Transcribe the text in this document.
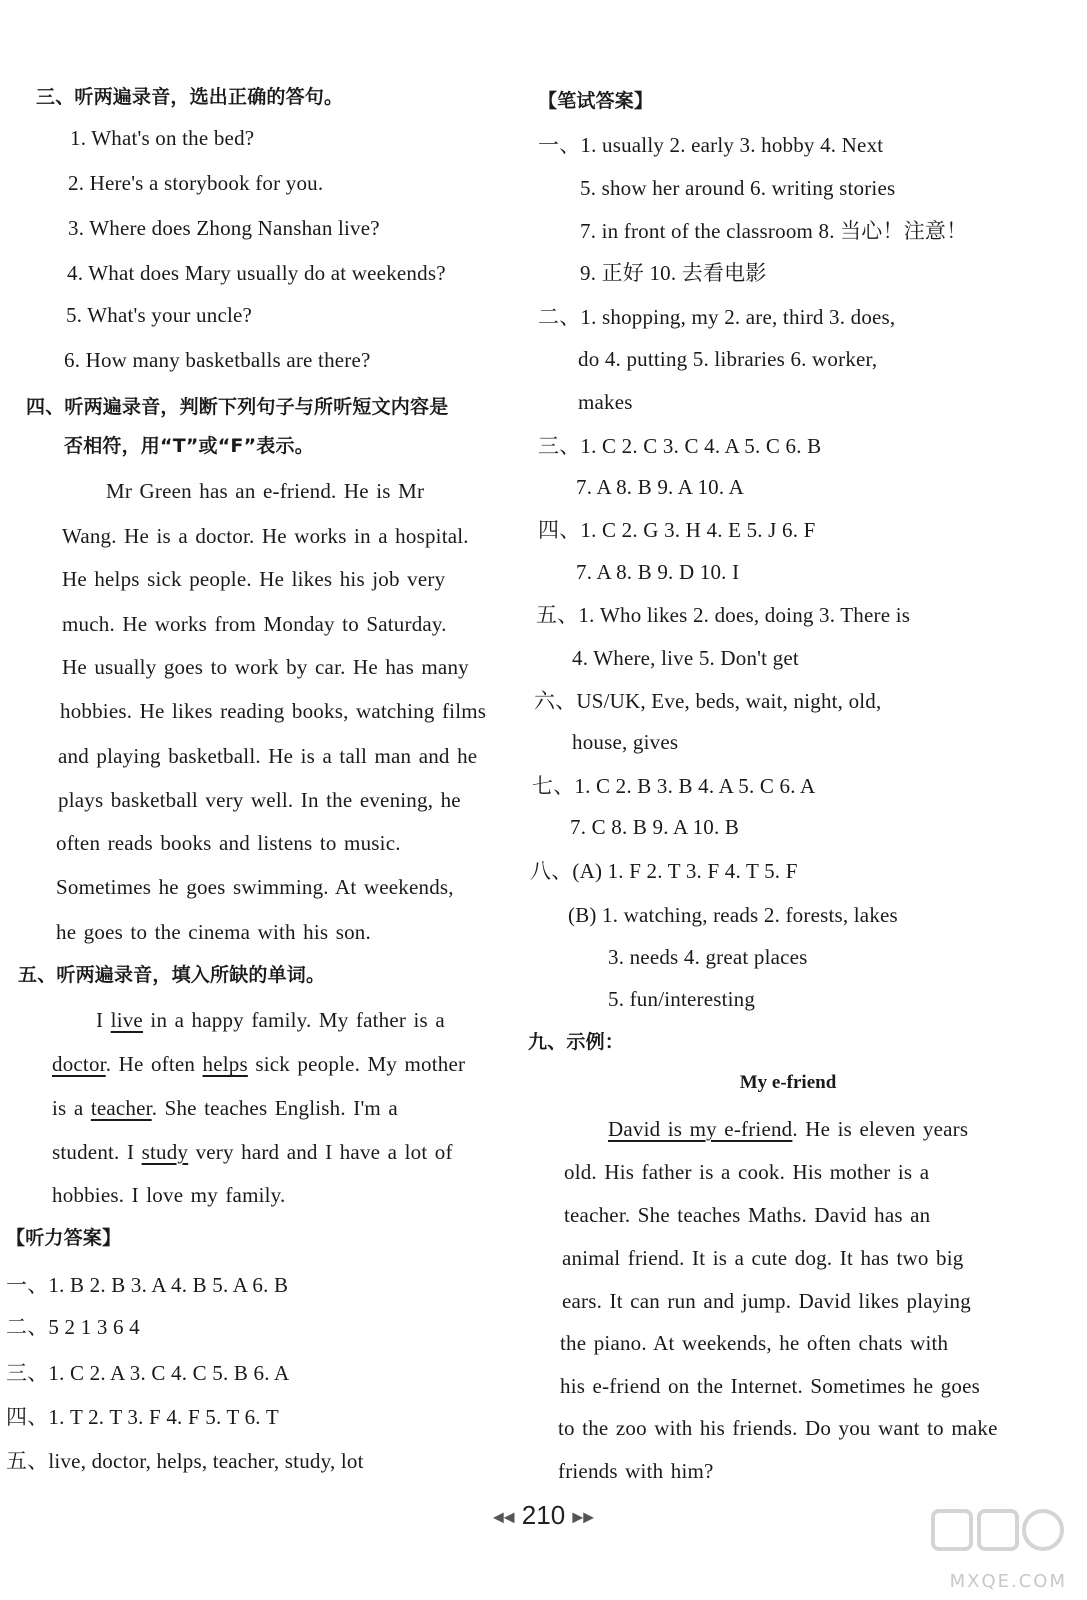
三、听两遍录音，选出正确的答句。
1. What's on the bed?
2. Here's a storybook for you.
3. Where does Zhong Nanshan live?
4. What does Mary usually do at weekends?
5. What's your uncle?
6. How many basketballs are there?
四、听两遍录音，判断下列句子与所听短文内容是
否相符，用“T”或“F”表示。
Mr Green has an e-friend. He is Mr
Wang. He is a doctor. He works in a hospital.
He helps sick people. He likes his job very
much. He works from Monday to Saturday.
He usually goes to work by car. He has many
hobbies. He likes reading books, watching films
and playing basketball. He is a tall man and he
plays basketball very well. In the evening, he
often reads books and listens to music.
Sometimes he goes swimming. At weekends,
he goes to the cinema with his son.
五、听两遍录音，填入所缺的单词。
I live in a happy family. My father is a
doctor. He often helps sick people. My mother
is a teacher. She teaches English. I'm a
student. I study very hard and I have a lot of
hobbies. I love my family.
【听力答案】
一、1. B 2. B 3. A 4. B 5. A 6. B
二、5 2 1 3 6 4
三、1. C 2. A 3. C 4. C 5. B 6. A
四、1. T 2. T 3. F 4. F 5. T 6. T
五、live, doctor, helps, teacher, study, lot
【笔试答案】
一、1. usually 2. early 3. hobby 4. Next
5. show her around 6. writing stories
7. in front of the classroom 8. 当心！注意！
9. 正好 10. 去看电影
二、1. shopping, my 2. are, third 3. does,
do 4. putting 5. libraries 6. worker,
makes
三、1. C 2. C 3. C 4. A 5. C 6. B
7. A 8. B 9. A 10. A
四、1. C 2. G 3. H 4. E 5. J 6. F
7. A 8. B 9. D 10. I
五、1. Who likes 2. does, doing 3. There is
4. Where, live 5. Don't get
六、US/UK, Eve, beds, wait, night, old,
house, gives
七、1. C 2. B 3. B 4. A 5. C 6. A
7. C 8. B 9. A 10. B
八、(A) 1. F 2. T 3. F 4. T 5. F
(B) 1. watching, reads 2. forests, lakes
3. needs 4. great places
5. fun/interesting
九、示例：
My e-friend
David is my e-friend. He is eleven years
old. His father is a cook. His mother is a
teacher. She teaches Maths. David has an
animal friend. It is a cute dog. It has two big
ears. It can run and jump. David likes playing
the piano. At weekends, he often chats with
his e-friend on the Internet. Sometimes he goes
to the zoo with his friends. Do you want to make
friends with him?
◀◀ 210 ▶▶
MXQE.COM
